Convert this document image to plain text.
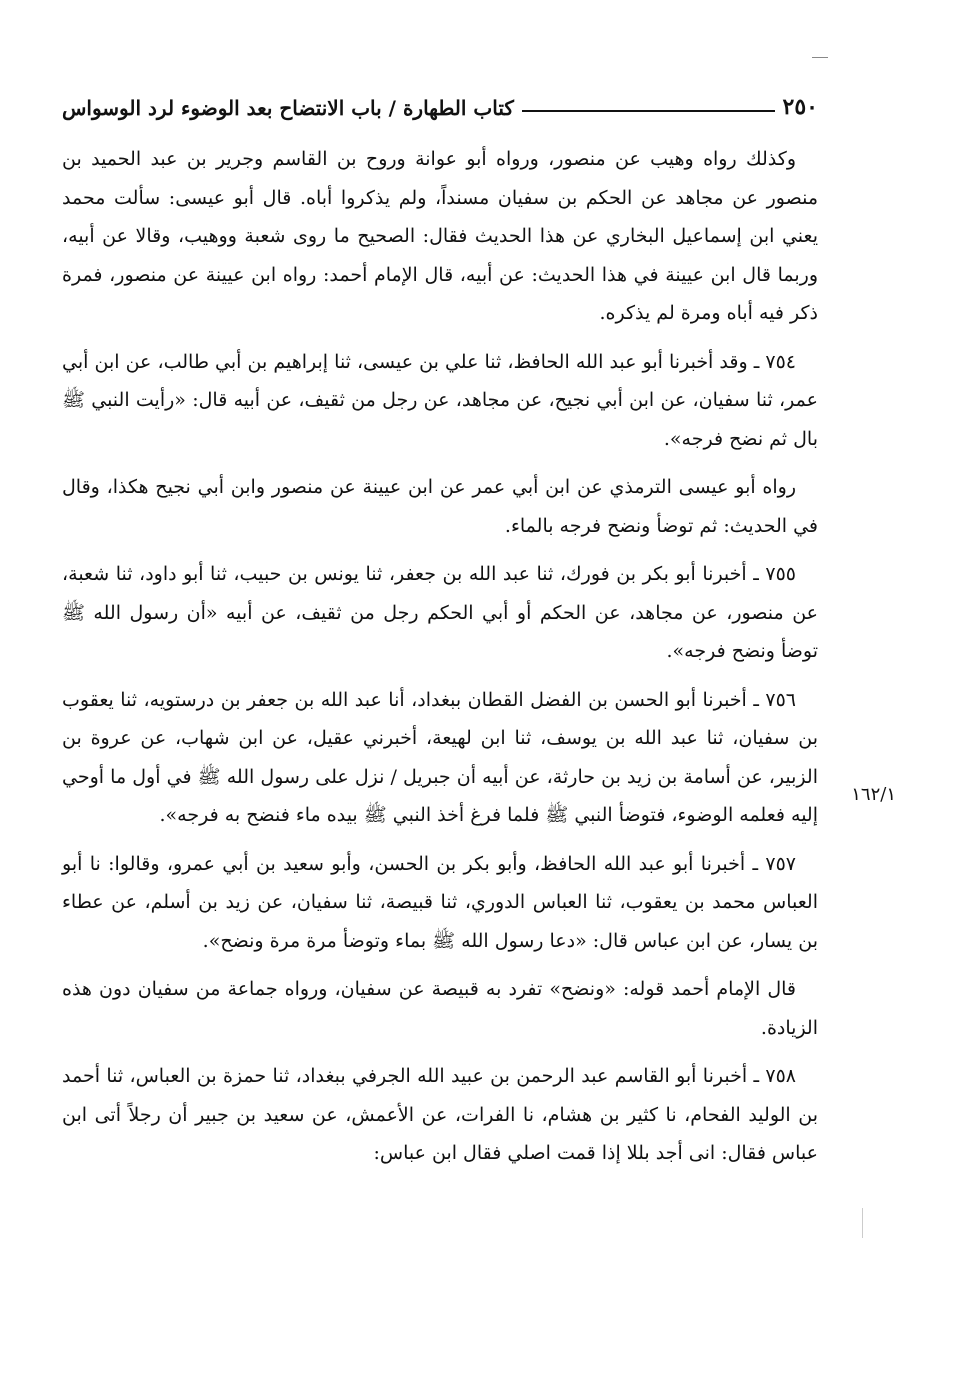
٢٥٠
كتاب الطهارة / باب الانتضاح بعد الوضوء لرد الوسواس
١٦٢/١

وكذلك رواه وهيب عن منصور، ورواه أبو عوانة وروح بن القاسم وجرير بن عبد الحميد بن منصور عن مجاهد عن الحكم بن سفيان مسنداً، ولم يذكروا أباه. قال أبو عيسى: سألت محمد يعني ابن إسماعيل البخاري عن هذا الحديث فقال: الصحيح ما روى شعبة ووهيب، وقالا عن أبيه، وربما قال ابن عيينة في هذا الحديث: عن أبيه، قال الإمام أحمد: رواه ابن عيينة عن منصور، فمرة ذكر فيه أباه ومرة لم يذكره.

٧٥٤ ـ وقد أخبرنا أبو عبد الله الحافظ، ثنا علي بن عيسى، ثنا إبراهيم بن أبي طالب، عن ابن أبي عمر، ثنا سفيان، عن ابن أبي نجيح، عن مجاهد، عن رجل من ثقيف، عن أبيه قال: «رأيت النبي ﷺ بال ثم نضح فرجه».

رواه أبو عيسى الترمذي عن ابن أبي عمر عن ابن عيينة عن منصور وابن أبي نجيح هكذا، وقال في الحديث: ثم توضأ ونضح فرجه بالماء.

٧٥٥ ـ أخبرنا أبو بكر بن فورك، ثنا عبد الله بن جعفر، ثنا يونس بن حبيب، ثنا أبو داود، ثنا شعبة، عن منصور، عن مجاهد، عن الحكم أو أبي الحكم رجل من ثقيف، عن أبيه «أن رسول الله ﷺ توضأ ونضح فرجه».

٧٥٦ ـ أخبرنا أبو الحسن بن الفضل القطان ببغداد، أنا عبد الله بن جعفر بن درستويه، ثنا يعقوب بن سفيان، ثنا عبد الله بن يوسف، ثنا ابن لهيعة، أخبرني عقيل، عن ابن شهاب، عن عروة بن الزبير، عن أسامة بن زيد بن حارثة، عن أبيه أن جبريل / نزل على رسول الله ﷺ في أول ما أوحي إليه فعلمه الوضوء، فتوضأ النبي ﷺ فلما فرغ أخذ النبي ﷺ بيده ماء فنضح به فرجه».

٧٥٧ ـ أخبرنا أبو عبد الله الحافظ، وأبو بكر بن الحسن، وأبو سعيد بن أبي عمرو، وقالوا: نا أبو العباس محمد بن يعقوب، ثنا العباس الدوري، ثنا قبيصة، ثنا سفيان، عن زيد بن أسلم، عن عطاء بن يسار، عن ابن عباس قال: «دعا رسول الله ﷺ بماء وتوضأ مرة مرة ونضح».

قال الإمام أحمد قوله: «ونضح» تفرد به قبيصة عن سفيان، ورواه جماعة من سفيان دون هذه الزيادة.

٧٥٨ ـ أخبرنا أبو القاسم عبد الرحمن بن عبيد الله الجرفي ببغداد، ثنا حمزة بن العباس، ثنا أحمد بن الوليد الفحام، نا كثير بن هشام، نا الفرات، عن الأعمش، عن سعيد بن جبير أن رجلاً أتى ابن عباس فقال: انى أجد بللا إذا قمت اصلي فقال ابن عباس:
